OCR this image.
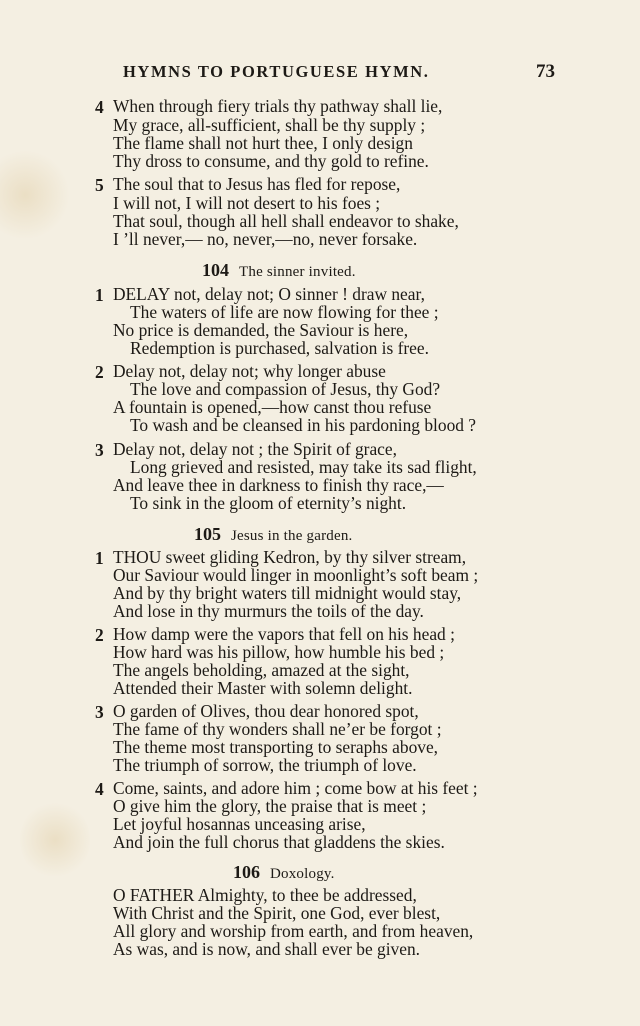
HYMNS TO PORTUGUESE HYMN.	73
4 When through fiery trials thy pathway shall lie,
My grace, all-sufficient, shall be thy supply ;
The flame shall not hurt thee, I only design
Thy dross to consume, and thy gold to refine.
5 The soul that to Jesus has fled for repose,
I will not, I will not desert to his foes ;
That soul, though all hell shall endeavor to shake,
I ’ll never,— no, never,—no, never forsake.
104 The sinner invited.
1 DELAY not, delay not; O sinner ! draw near,
The waters of life are now flowing for thee ;
No price is demanded, the Saviour is here,
Redemption is purchased, salvation is free.
2 Delay not, delay not; why longer abuse
The love and compassion of Jesus, thy God?
A fountain is opened,—how canst thou refuse
To wash and be cleansed in his pardoning blood ?
3 Delay not, delay not ; the Spirit of grace,
Long grieved and resisted, may take its sad flight,
And leave thee in darkness to finish thy race,—
To sink in the gloom of eternity’s night.
105 Jesus in the garden.
1 THOU sweet gliding Kedron, by thy silver stream,
Our Saviour would linger in moonlight’s soft beam ;
And by thy bright waters till midnight would stay,
And lose in thy murmurs the toils of the day.
2 How damp were the vapors that fell on his head ;
How hard was his pillow, how humble his bed ;
The angels beholding, amazed at the sight,
Attended their Master with solemn delight.
3 O garden of Olives, thou dear honored spot,
The fame of thy wonders shall ne’er be forgot ;
The theme most transporting to seraphs above,
The triumph of sorrow, the triumph of love.
4 Come, saints, and adore him ; come bow at his feet ;
O give him the glory, the praise that is meet ;
Let joyful hosannas unceasing arise,
And join the full chorus that gladdens the skies.
106 Doxology.
O FATHER Almighty, to thee be addressed,
With Christ and the Spirit, one God, ever blest,
All glory and worship from earth, and from heaven,
As was, and is now, and shall ever be given.
